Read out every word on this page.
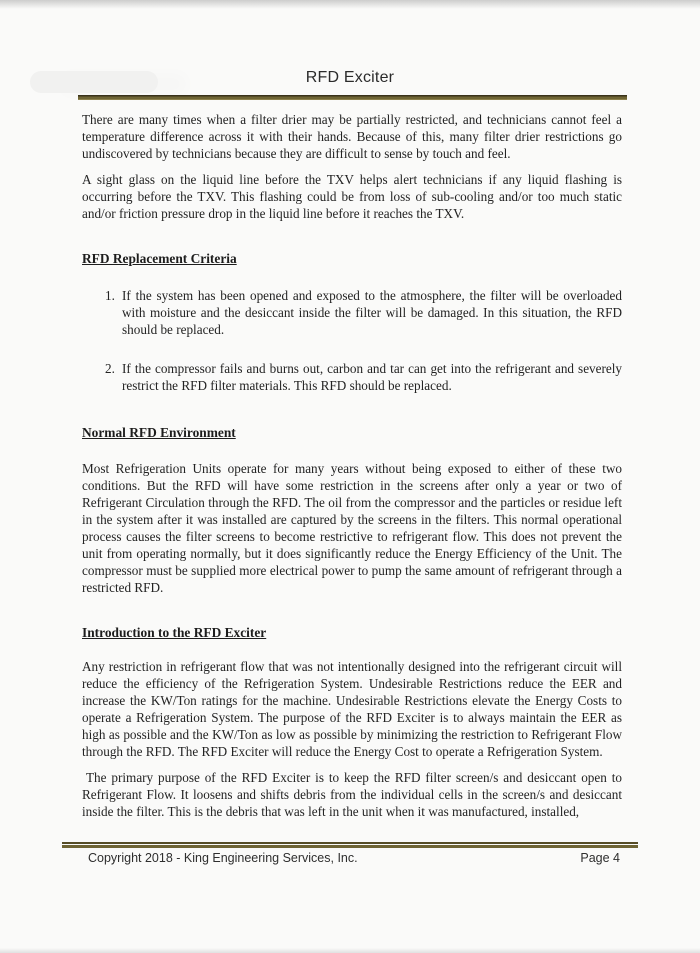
RFD Exciter

There are many times when a filter drier may be partially restricted, and technicians cannot feel a temperature difference across it with their hands. Because of this, many filter drier restrictions go undiscovered by technicians because they are difficult to sense by touch and feel.

A sight glass on the liquid line before the TXV helps alert technicians if any liquid flashing is occurring before the TXV. This flashing could be from loss of sub-cooling and/or too much static and/or friction pressure drop in the liquid line before it reaches the TXV.

RFD Replacement Criteria
1. If the system has been opened and exposed to the atmosphere, the filter will be overloaded with moisture and the desiccant inside the filter will be damaged. In this situation, the RFD should be replaced.
2. If the compressor fails and burns out, carbon and tar can get into the refrigerant and severely restrict the RFD filter materials. This RFD should be replaced.
Normal RFD Environment

Most Refrigeration Units operate for many years without being exposed to either of these two conditions. But the RFD will have some restriction in the screens after only a year or two of Refrigerant Circulation through the RFD. The oil from the compressor and the particles or residue left in the system after it was installed are captured by the screens in the filters. This normal operational process causes the filter screens to become restrictive to refrigerant flow. This does not prevent the unit from operating normally, but it does significantly reduce the Energy Efficiency of the Unit. The compressor must be supplied more electrical power to pump the same amount of refrigerant through a restricted RFD.

Introduction to the RFD Exciter

Any restriction in refrigerant flow that was not intentionally designed into the refrigerant circuit will reduce the efficiency of the Refrigeration System. Undesirable Restrictions reduce the EER and increase the KW/Ton ratings for the machine. Undesirable Restrictions elevate the Energy Costs to operate a Refrigeration System. The purpose of the RFD Exciter is to always maintain the EER as high as possible and the KW/Ton as low as possible by minimizing the restriction to Refrigerant Flow through the RFD. The RFD Exciter will reduce the Energy Cost to operate a Refrigeration System.

The primary purpose of the RFD Exciter is to keep the RFD filter screen/s and desiccant open to Refrigerant Flow. It loosens and shifts debris from the individual cells in the screen/s and desiccant inside the filter. This is the debris that was left in the unit when it was manufactured, installed,

Copyright 2018 - King Engineering Services, Inc.	Page 4
